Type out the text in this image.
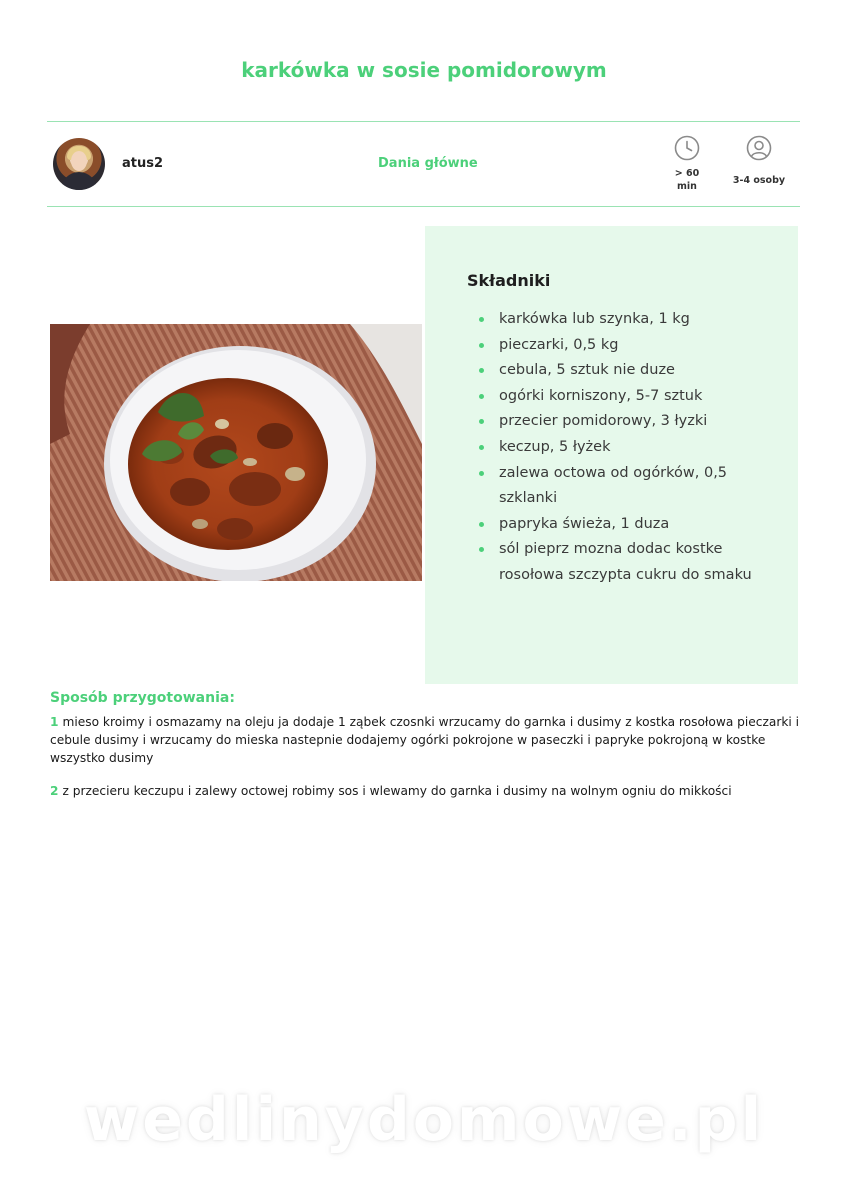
karkówka w sosie pomidorowym
atus2	Dania główne
> 60
min
3-4 osoby
Składniki
karkówka lub szynka, 1 kg
pieczarki, 0,5 kg
cebula, 5 sztuk nie duze
ogórki korniszony, 5-7 sztuk
przecier pomidorowy, 3 łyzki
keczup, 5 łyżek
zalewa octowa od ogórków, 0,5 szklanki
papryka świeża, 1 duza
sól pieprz mozna dodac kostke rosołowa szczypta cukru do smaku
Sposób przygotowania:

1 mieso kroimy i osmazamy na oleju ja dodaje 1 ząbek czosnki wrzucamy do garnka i dusimy z kostka rosołowa pieczarki i cebule dusimy i wrzucamy do mieska nastepnie dodajemy ogórki pokrojone w paseczki i papryke pokrojoną w kostke wszystko dusimy

2 z przecieru keczupu i zalewy octowej robimy sos i wlewamy do garnka i dusimy na wolnym ogniu do mikkości

wedlinydomowe.pl
